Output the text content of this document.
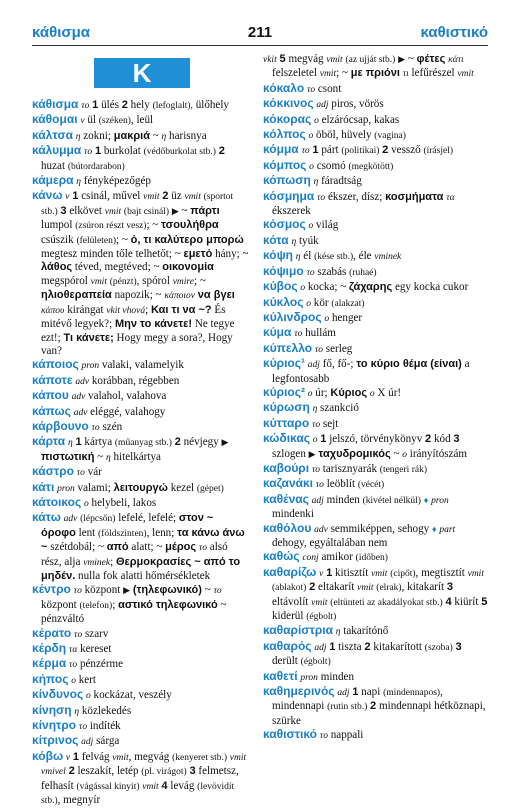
κάθισμα	211	καθιστικό
Κ

κάθισμα το 1 ülés 2 hely (lefoglalt), ülőhely

κάθομαι v ül (széken), leül

κάλτσα η zokni; μακριά ~ η harisnya

κάλυμμα το 1 burkolat (védőburkolat stb.) 2 huzat (bútordarabon)

κάμερα η fényképezőgép

κάνω v 1 csinál, művel vmit 2 üz vmit (sportot stb.) 3 elkövet vmit (bajt csinál) ▶ ~ πάρτι lumpol (zsúron részt vesz); ~ τσουλήθρα csúszik (felületen); ~ ό, τι καλύτερο μπορώ megtesz minden tőle telhetőt; ~ εμετό hány; ~ λάθος téved, megtéved; ~ οικονομία megspórol vmit (pénzt), spórol vmire; ~ ηλιοθεραπεία napozik; ~ κάποιον να βγει κάπου kirángat vkit vhová; Και τι να ~? És mitévő legyek?; Μην το κάνετε! Ne tegye ezt!; Τι κάνετε; Hogy megy a sora?, Hogy van?

κάποιος pron valaki, valamelyik

κάποτε adv korábban, régebben

κάπου adv valahol, valahova

κάπως adv eléggé, valahogy

κάρβουνο το szén

κάρτα η 1 kártya (műanyag stb.) 2 névjegy ▶ πιστωτική ~ η hitelkártya

κάστρο το vár

κάτι pron valami; λειτουργώ kezel (gépet)

κάτοικος ο helybeli, lakos

κάτω adv (lépcsőn) lefelé, lefelé; στον ~ όροφο lent (földszinten), lenn; τα κάνω άνω ~ szétdobál; ~ από alatt; ~ μέρος το alsó rész, alja vminek; Θερμοκρασίες ~ από το μηδέν. nulla fok alatti hőmérsékletek

κέντρο το központ ▶ (τηλεφωνικό) ~ το központ (telefon); αστικό τηλεφωνικό ~ pénzváltó

κέρατο το szarv

κέρδη τα kereset

κέρμα το pénzérme

κήπος ο kert

κίνδυνος ο kockázat, veszély

κίνηση η közlekedés

κίνητρο το indíték

κίτρινος adj sárga

κόβω v 1 felvág vmit, megvág (kenyeret stb.) vmit vmivel 2 leszakít, letép (pl. virágot) 3 felmetsz, felhasít (vágással kinyit) vmit 4 levág (levövidít stb.), megnyír

vkit 5 megvág vmit (az ujját stb.) ▶ ~ φέτες κάτι felszeletel vmit; ~ με πριόνι τι lefűrészel vmit

κόκαλο το csont

κόκκινος adj piros, vörös

κόκορας ο elzárócsap, kakas

κόλπος ο öböl, hüvely (vagina)

κόμμα το 1 párt (politikai) 2 vessző (írásjel)

κόμπος ο csomó (megkötött)

κόπωση η fáradtság

κόσμημα το ékszer, dísz; κοσμήματα τα ékszerek

κόσμος ο világ

κότα η tyúk

κόψη η él (kése stb.), éle vminek

κόψιμο το szabás (ruhaé)

κύβος ο kocka; ~ ζάχαρης egy kocka cukor

κύκλος ο kör (alakzat)

κύλινδρος ο henger

κύμα το hullám

κύπελλο το serleg

κύριος¹ adj fő, fő-; το κύριο θέμα (είναι) a legfontosabb

κύριος² ο úr; Κύριος o X úr!

κύρωση η szankció

κύτταρο το sejt

κώδικας ο 1 jelszó, törvénykönyv 2 kód 3 szlogen ▶ ταχυδρομικός ~ o irányítószám

καβούρι το tarisznyarák (tengeri rák)

καζανάκι το leöblít (vécét)

καθένας adj minden (kivétel nélkül) ♦ pron mindenki

καθόλου adv semmiképpen, sehogy ♦ part dehogy, egyáltalában nem

καθώς conj amikor (időben)

καθαρίζω v 1 kitisztít vmit (cipőt), megtisztít vmit (ablakot) 2 eltakarít vmit (elrak), kitakarít 3 eltávolít vmit (eltünteti az akadályokat stb.) 4 kiürít 5 kiderül (égbolt)

καθαρίστρια η takarítónő

καθαρός adj 1 tiszta 2 kitakarított (szoba) 3 derült (égbolt)

καθετί pron minden

καθημερινός adj 1 napi (mindennapos), mindennapi (rutin stb.) 2 mindennapi hétköznapi, szürke

καθιστικό το nappali
